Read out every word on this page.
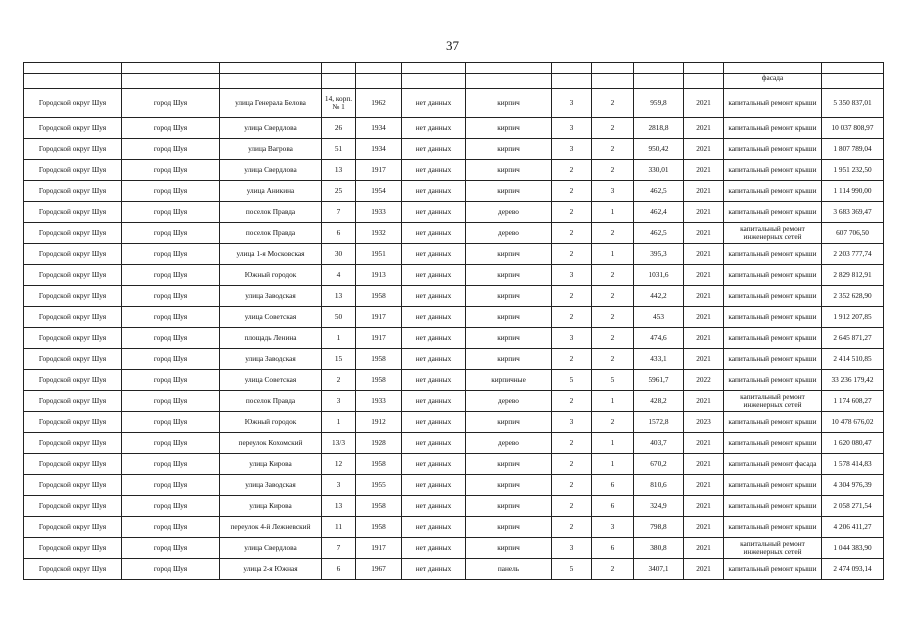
37

											фасада	
Городской округ Шуя	город Шуя	улица Генерала Белова	14, корп. № 1	1962	нет данных	кирпич	3	2	959,8	2021	капитальный ремонт крыши	5 350 837,01
Городской округ Шуя	город Шуя	улица Свердлова	26	1934	нет данных	кирпич	3	2	2818,8	2021	капитальный ремонт крыши	10 037 808,97
Городской округ Шуя	город Шуя	улица Вагрова	51	1934	нет данных	кирпич	3	2	950,42	2021	капитальный ремонт крыши	1 807 789,04
Городской округ Шуя	город Шуя	улица Свердлова	13	1917	нет данных	кирпич	2	2	330,01	2021	капитальный ремонт крыши	1 951 232,50
Городской округ Шуя	город Шуя	улица Аникина	25	1954	нет данных	кирпич	2	3	462,5	2021	капитальный ремонт крыши	1 114 990,00
Городской округ Шуя	город Шуя	поселок Правда	7	1933	нет данных	дерево	2	1	462,4	2021	капитальный ремонт крыши	3 683 369,47
Городской округ Шуя	город Шуя	поселок Правда	6	1932	нет данных	дерево	2	2	462,5	2021	капитальный ремонт инженерных сетей	607 706,50
Городской округ Шуя	город Шуя	улица 1-я Московская	30	1951	нет данных	кирпич	2	1	395,3	2021	капитальный ремонт крыши	2 203 777,74
Городской округ Шуя	город Шуя	Южный городок	4	1913	нет данных	кирпич	3	2	1031,6	2021	капитальный ремонт крыши	2 829 812,91
Городской округ Шуя	город Шуя	улица Заводская	13	1958	нет данных	кирпич	2	2	442,2	2021	капитальный ремонт крыши	2 352 628,90
Городской округ Шуя	город Шуя	улица Советская	50	1917	нет данных	кирпич	2	2	453	2021	капитальный ремонт крыши	1 912 207,85
Городской округ Шуя	город Шуя	площадь Ленина	1	1917	нет данных	кирпич	3	2	474,6	2021	капитальный ремонт крыши	2 645 871,27
Городской округ Шуя	город Шуя	улица Заводская	15	1958	нет данных	кирпич	2	2	433,1	2021	капитальный ремонт крыши	2 414 510,85
Городской округ Шуя	город Шуя	улица Советская	2	1958	нет данных	кирпичные	5	5	5961,7	2022	капитальный ремонт крыши	33 236 179,42
Городской округ Шуя	город Шуя	поселок Правда	3	1933	нет данных	дерево	2	1	428,2	2021	капитальный ремонт инженерных сетей	1 174 608,27
Городской округ Шуя	город Шуя	Южный городок	1	1912	нет данных	кирпич	3	2	1572,8	2023	капитальный ремонт крыши	10 478 676,02
Городской округ Шуя	город Шуя	переулок Кохомский	13/3	1928	нет данных	дерево	2	1	403,7	2021	капитальный ремонт крыши	1 620 080,47
Городской округ Шуя	город Шуя	улица Кирова	12	1958	нет данных	кирпич	2	1	670,2	2021	капитальный ремонт фасада	1 578 414,83
Городской округ Шуя	город Шуя	улица Заводская	3	1955	нет данных	кирпич	2	6	810,6	2021	капитальный ремонт крыши	4 304 976,39
Городской округ Шуя	город Шуя	улица Кирова	13	1958	нет данных	кирпич	2	6	324,9	2021	капитальный ремонт крыши	2 058 271,54
Городской округ Шуя	город Шуя	переулок 4-й Лежневский	11	1958	нет данных	кирпич	2	3	798,8	2021	капитальный ремонт крыши	4 206 411,27
Городской округ Шуя	город Шуя	улица Свердлова	7	1917	нет данных	кирпич	3	6	380,8	2021	капитальный ремонт инженерных сетей	1 044 383,90
Городской округ Шуя	город Шуя	улица 2-я Южная	6	1967	нет данных	панель	5	2	3407,1	2021	капитальный ремонт крыши	2 474 093,14
